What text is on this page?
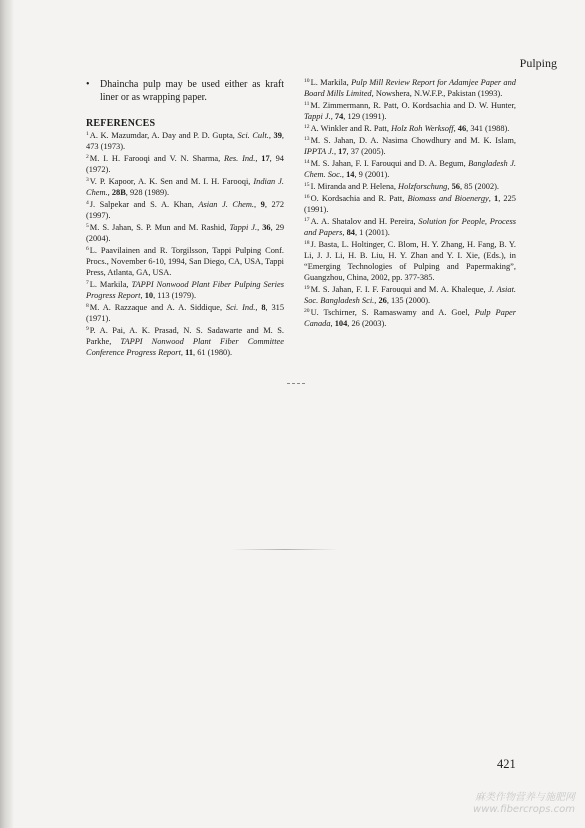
Pulping
• Dhaincha pulp may be used either as kraft liner or as wrapping paper.
REFERENCES
$^1$A. K. Mazumdar, A. Day and P. D. Gupta, Sci. Cult., 39, 473 (1973).
$^2$M. I. H. Farooqi and V. N. Sharma, Res. Ind., 17, 94 (1972).
$^3$V. P. Kapoor, A. K. Sen and M. I. H. Farooqi, Indian J. Chem., 28B, 928 (1989).
$^4$J. Salpekar and S. A. Khan, Asian J. Chem., 9, 272 (1997).
$^5$M. S. Jahan, S. P. Mun and M. Rashid, Tappi J., 36, 29 (2004).
$^6$L. Paavilainen and R. Torgilsson, Tappi Pulping Conf. Procs., November 6-10, 1994, San Diego, CA, USA, Tappi Press, Atlanta, GA, USA.
$^7$L. Markila, TAPPI Nonwood Plant Fiber Pulping Series Progress Report, 10, 113 (1979).
$^8$M. A. Razzaque and A. A. Siddique, Sci. Ind., 8, 315 (1971).
$^9$P. A. Pai, A. K. Prasad, N. S. Sadawarte and M. S. Parkhe, TAPPI Nonwood Plant Fiber Committee Conference Progress Report, 11, 61 (1980).
$^{10}$L. Markila, Pulp Mill Review Report for Adamjee Paper and Board Mills Limited, Nowshera, N.W.F.P., Pakistan (1993).
$^{11}$M. Zimmermann, R. Patt, O. Kordsachia and D. W. Hunter, Tappi J., 74, 129 (1991).
$^{12}$A. Winkler and R. Patt, Holz Roh Werksoff, 46, 341 (1988).
$^{13}$M. S. Jahan, D. A. Nasima Chowdhury and M. K. Islam, IPPTA J., 17, 37 (2005).
$^{14}$M. S. Jahan, F. I. Farouqui and D. A. Begum, Bangladesh J. Chem. Soc., 14, 9 (2001).
$^{15}$I. Miranda and P. Helena, Holzforschung, 56, 85 (2002).
$^{16}$O. Kordsachia and R. Patt, Biomass and Bioenergy, 1, 225 (1991).
$^{17}$A. A. Shatalov and H. Pereira, Solution for People, Process and Papers, 84, 1 (2001).
$^{18}$J. Basta, L. Holtinger, C. Blom, H. Y. Zhang, H. Fang, B. Y. Li, J. J. Li, H. B. Liu, H. Y. Zhan and Y. I. Xie, (Eds.), in “Emerging Technologies of Pulping and Papermaking”, Guangzhou, China, 2002, pp. 377-385.
$^{19}$M. S. Jahan, F. I. F. Farouqui and M. A. Khaleque, J. Asiat. Soc. Bangladesh Sci., 26, 135 (2000).
$^{20}$U. Tschirner, S. Ramaswamy and A. Goel, Pulp Paper Canada, 104, 26 (2003).
421
麻类作物营养与施肥网
www.fibercrops.com
